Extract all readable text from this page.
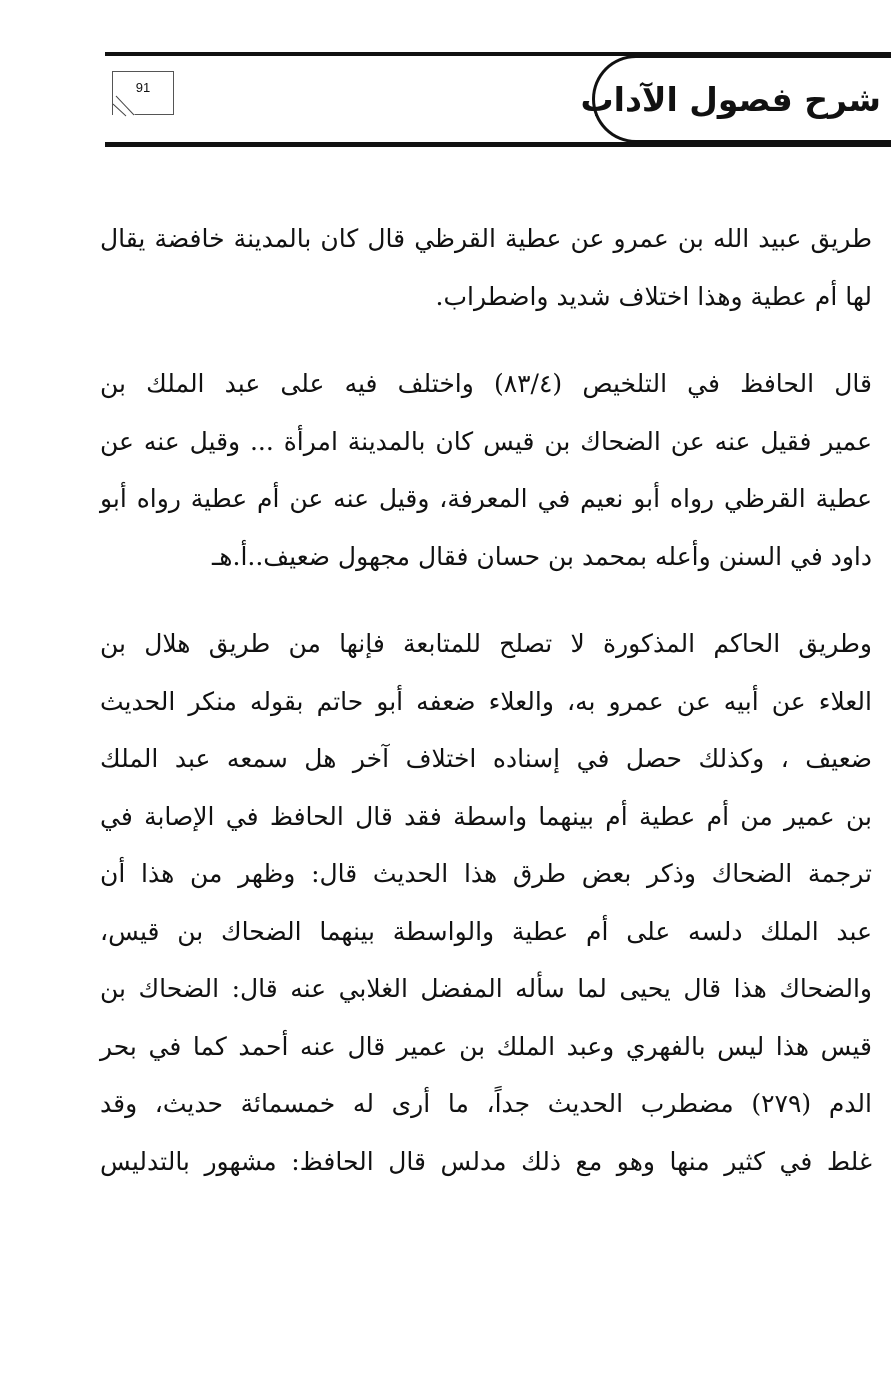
شرح فصول الآداب
91

طريق عبيد الله بن عمرو عن عطية القرظي قال كان بالمدينة خافضة يقال
لها أم عطية وهذا اختلاف شديد واضطراب.

قال الحافظ في التلخيص (٨٣/٤) واختلف فيه على عبد الملك بن
عمير فقيل عنه عن الضحاك بن قيس كان بالمدينة امرأة ... وقيل عنه عن
عطية القرظي رواه أبو نعيم في المعرفة، وقيل عنه عن أم عطية رواه أبو
داود في السنن وأعله بمحمد بن حسان فقال مجهول ضعيف..أ.هـ

وطريق الحاكم المذكورة لا تصلح للمتابعة فإنها من طريق هلال بن
العلاء عن أبيه عن عمرو به، والعلاء ضعفه أبو حاتم بقوله منكر الحديث
ضعيف ، وكذلك حصل في إسناده اختلاف آخر هل سمعه عبد الملك
بن عمير من أم عطية أم بينهما واسطة فقد قال الحافظ في الإصابة في
ترجمة الضحاك وذكر بعض طرق هذا الحديث قال: وظهر من هذا أن
عبد الملك دلسه على أم عطية والواسطة بينهما الضحاك بن قيس،
والضحاك هذا قال يحيى لما سأله المفضل الغلابي عنه قال: الضحاك بن
قيس هذا ليس بالفهري وعبد الملك بن عمير قال عنه أحمد كما في بحر
الدم (٢٧٩) مضطرب الحديث جداً، ما أرى له خمسمائة حديث، وقد
غلط في كثير منها وهو مع ذلك مدلس قال الحافظ: مشهور بالتدليس
